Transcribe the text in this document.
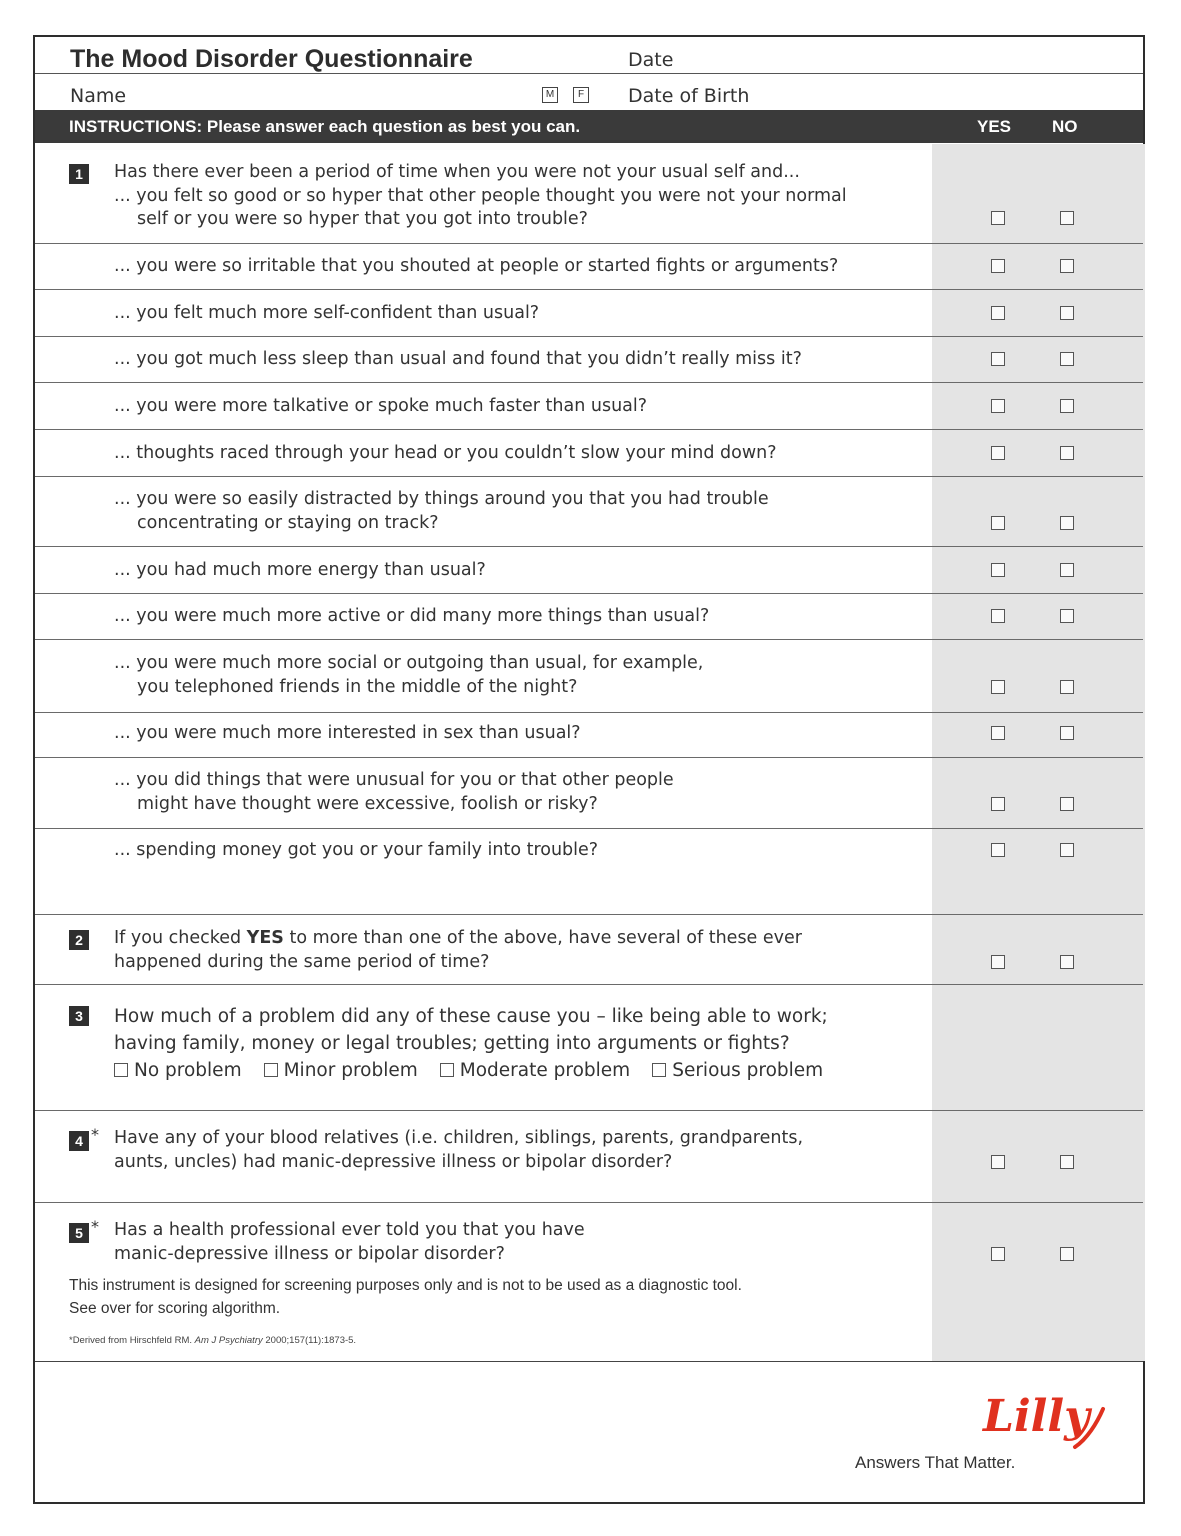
The Mood Disorder Questionnaire	Date
Name	M	F Date of Birth
INSTRUCTIONS: Please answer each question as best you can.	YES NO
1	Has there ever been a period of time when you were not your usual self and...
... you felt so good or so hyper that other people thought you were not your normal
self or you were so hyper that you got into trouble?
... you were so irritable that you shouted at people or started fights or arguments?
... you felt much more self-confident than usual?
... you got much less sleep than usual and found that you didn’t really miss it?
... you were more talkative or spoke much faster than usual?
... thoughts raced through your head or you couldn’t slow your mind down?
... you were so easily distracted by things around you that you had trouble
concentrating or staying on track?
... you had much more energy than usual?
... you were much more active or did many more things than usual?
... you were much more social or outgoing than usual, for example,
you telephoned friends in the middle of the night?
... you were much more interested in sex than usual?
... you did things that were unusual for you or that other people
might have thought were excessive, foolish or risky?
... spending money got you or your family into trouble?
2	If you checked YES to more than one of the above, have several of these ever
happened during the same period of time?
3	How much of a problem did any of these cause you – like being able to work;
having family, money or legal troubles; getting into arguments or fights?
No problem Minor problem Moderate problem Serious problem
4 * Have any of your blood relatives (i.e. children, siblings, parents, grandparents,
aunts, uncles) had manic-depressive illness or bipolar disorder?
5 * Has a health professional ever told you that you have
manic-depressive illness or bipolar disorder?
This instrument is designed for screening purposes only and is not to be used as a diagnostic tool.
See over for scoring algorithm.
*Derived from Hirschfeld RM. Am J Psychiatry 2000;157(11):1873-5.
Lilly
Answers That Matter.
